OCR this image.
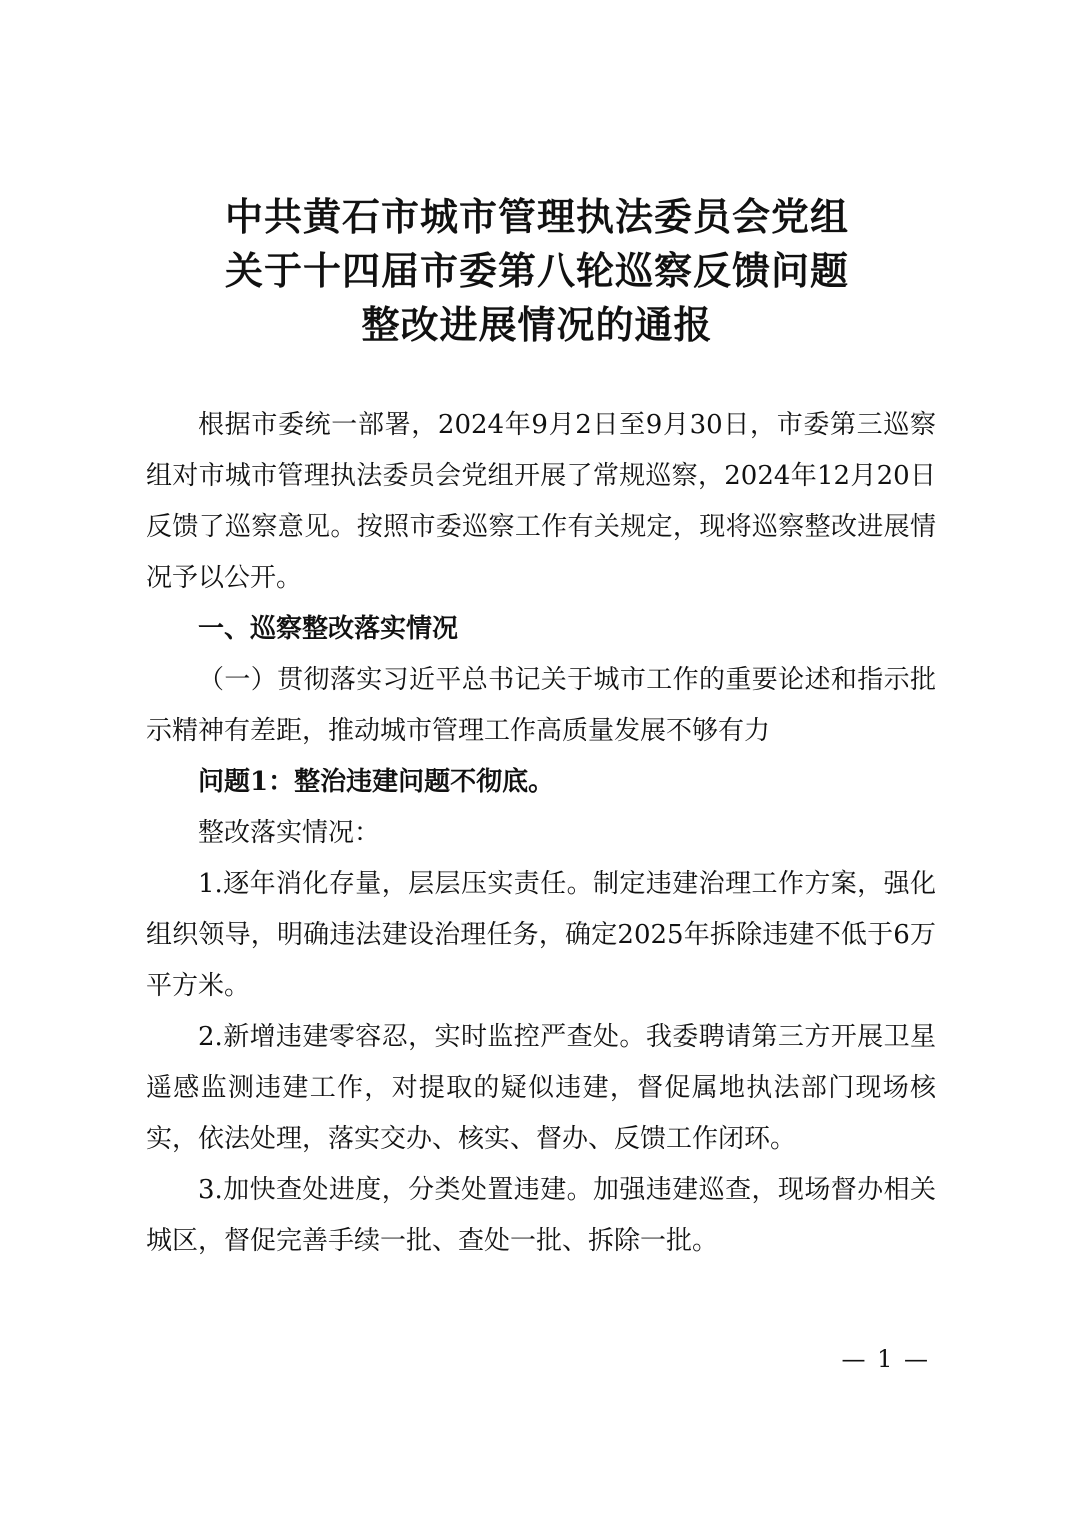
中共黄石市城市管理执法委员会党组
关于十四届市委第八轮巡察反馈问题
整改进展情况的通报

根据市委统一部署，2024年9月2日至9月30日，市委第三巡察组对市城市管理执法委员会党组开展了常规巡察，2024年12月20日反馈了巡察意见。按照市委巡察工作有关规定，现将巡察整改进展情况予以公开。

一、巡察整改落实情况

（一）贯彻落实习近平总书记关于城市工作的重要论述和指示批示精神有差距，推动城市管理工作高质量发展不够有力

问题1：整治违建问题不彻底。

整改落实情况：

1.逐年消化存量，层层压实责任。制定违建治理工作方案，强化组织领导，明确违法建设治理任务，确定2025年拆除违建不低于6万平方米。

2.新增违建零容忍，实时监控严查处。我委聘请第三方开展卫星遥感监测违建工作，对提取的疑似违建，督促属地执法部门现场核实，依法处理，落实交办、核实、督办、反馈工作闭环。

3.加快查处进度，分类处置违建。加强违建巡查，现场督办相关城区，督促完善手续一批、查处一批、拆除一批。

— 1 —
